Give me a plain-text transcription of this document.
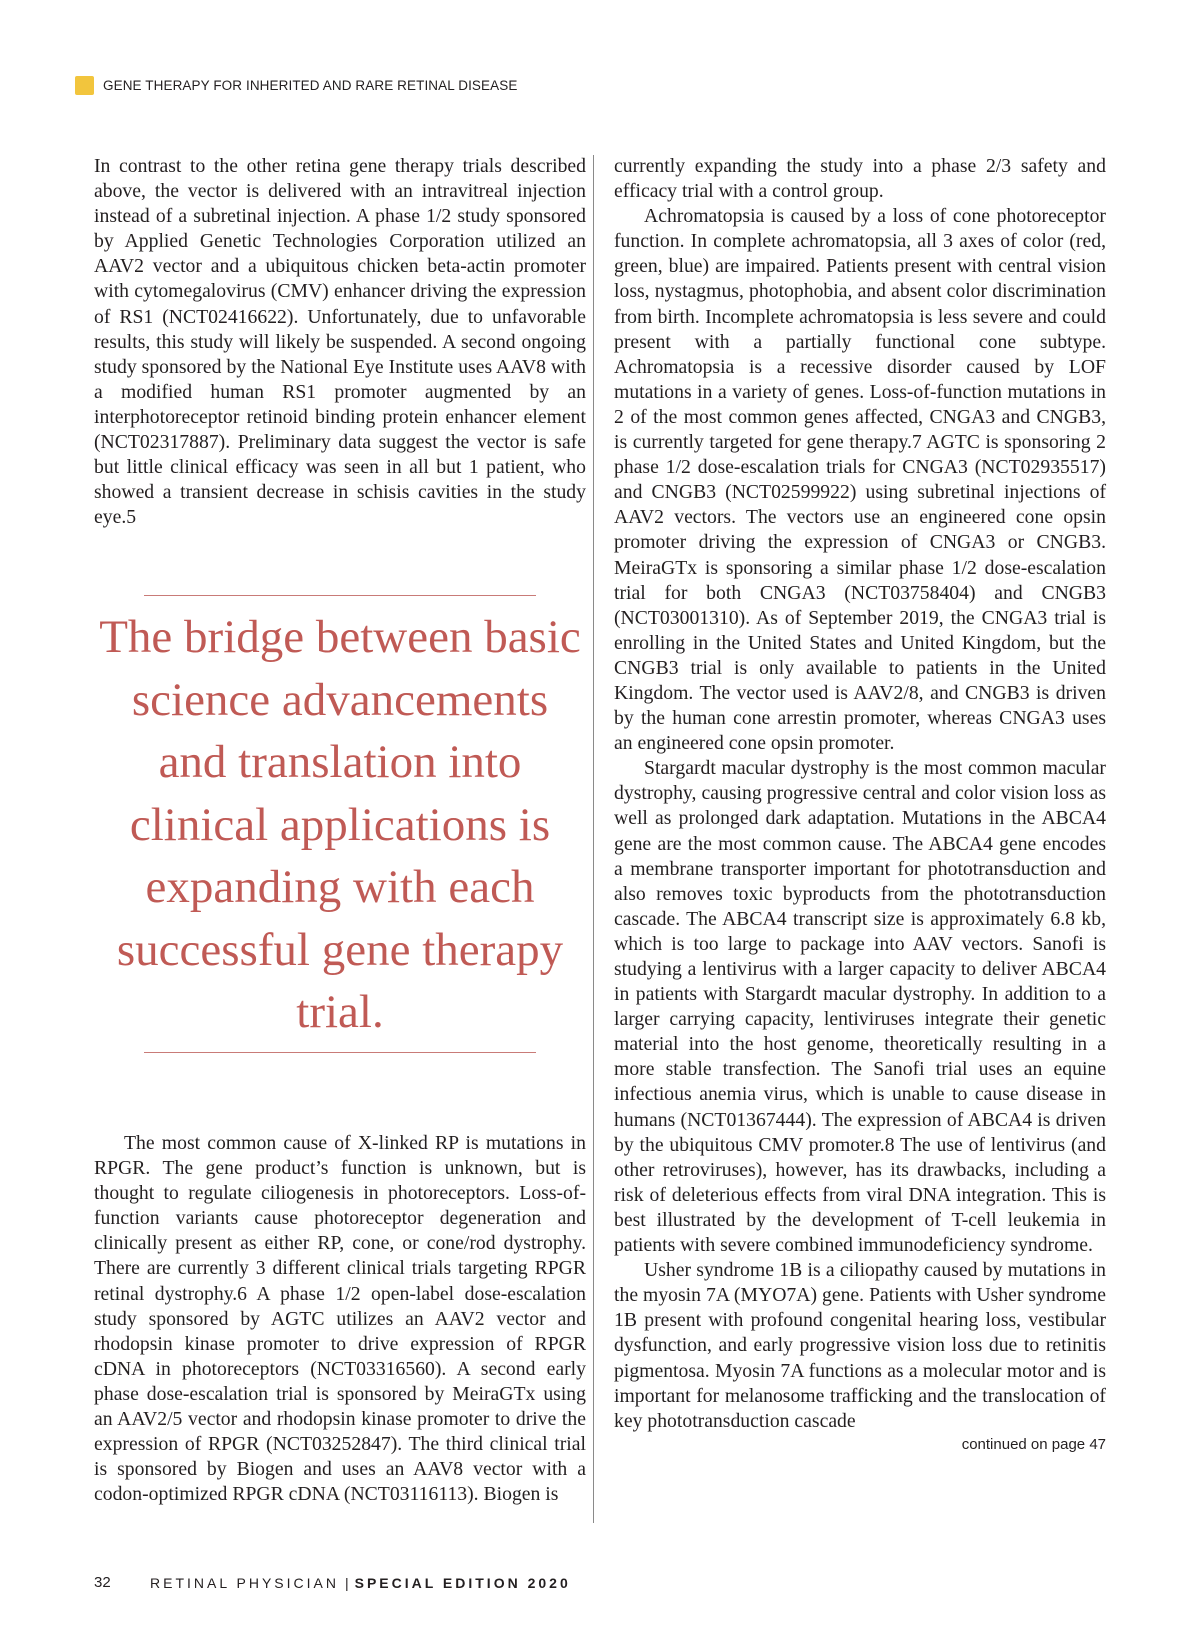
GENE THERAPY FOR INHERITED AND RARE RETINAL DISEASE

In contrast to the other retina gene therapy trials described above, the vector is delivered with an intravitreal injection instead of a subretinal injection. A phase 1/2 study sponsored by Applied Genetic Technologies Corporation utilized an AAV2 vector and a ubiquitous chicken beta-actin promoter with cytomegalovirus (CMV) enhancer driving the expression of RS1 (NCT02416622). Unfortunately, due to unfavorable results, this study will likely be suspended. A second ongoing study sponsored by the National Eye Institute uses AAV8 with a modified human RS1 promoter augmented by an interphotoreceptor retinoid binding protein enhancer element (NCT02317887). Preliminary data suggest the vector is safe but little clinical efficacy was seen in all but 1 patient, who showed a transient decrease in schisis cavities in the study eye.5

The bridge between basic science advancements and translation into clinical applications is expanding with each successful gene therapy trial.

The most common cause of X-linked RP is mutations in RPGR. The gene product’s function is unknown, but is thought to regulate ciliogenesis in photoreceptors. Loss-of-function variants cause photoreceptor degeneration and clinically present as either RP, cone, or cone/rod dystrophy. There are currently 3 different clinical trials targeting RPGR retinal dystrophy.6 A phase 1/2 open-label dose-escalation study sponsored by AGTC utilizes an AAV2 vector and rhodopsin kinase promoter to drive expression of RPGR cDNA in photoreceptors (NCT03316560). A second early phase dose-escalation trial is sponsored by MeiraGTx using an AAV2/5 vector and rhodopsin kinase promoter to drive the expression of RPGR (NCT03252847). The third clinical trial is sponsored by Biogen and uses an AAV8 vector with a codon-optimized RPGR cDNA (NCT03116113). Biogen is

currently expanding the study into a phase 2/3 safety and efficacy trial with a control group.

Achromatopsia is caused by a loss of cone photoreceptor function. In complete achromatopsia, all 3 axes of color (red, green, blue) are impaired. Patients present with central vision loss, nystagmus, photophobia, and absent color discrimination from birth. Incomplete achromatopsia is less severe and could present with a partially functional cone subtype. Achromatopsia is a recessive disorder caused by LOF mutations in a variety of genes. Loss-of-function mutations in 2 of the most common genes affected, CNGA3 and CNGB3, is currently targeted for gene therapy.7 AGTC is sponsoring 2 phase 1/2 dose-escalation trials for CNGA3 (NCT02935517) and CNGB3 (NCT02599922) using subretinal injections of AAV2 vectors. The vectors use an engineered cone opsin promoter driving the expression of CNGA3 or CNGB3. MeiraGTx is sponsoring a similar phase 1/2 dose-escalation trial for both CNGA3 (NCT03758404) and CNGB3 (NCT03001310). As of September 2019, the CNGA3 trial is enrolling in the United States and United Kingdom, but the CNGB3 trial is only available to patients in the United Kingdom. The vector used is AAV2/8, and CNGB3 is driven by the human cone arrestin promoter, whereas CNGA3 uses an engineered cone opsin promoter.

Stargardt macular dystrophy is the most common macular dystrophy, causing progressive central and color vision loss as well as prolonged dark adaptation. Mutations in the ABCA4 gene are the most common cause. The ABCA4 gene encodes a membrane transporter important for phototransduction and also removes toxic byproducts from the phototransduction cascade. The ABCA4 transcript size is approximately 6.8 kb, which is too large to package into AAV vectors. Sanofi is studying a lentivirus with a larger capacity to deliver ABCA4 in patients with Stargardt macular dystrophy. In addition to a larger carrying capacity, lentiviruses integrate their genetic material into the host genome, theoretically resulting in a more stable transfection. The Sanofi trial uses an equine infectious anemia virus, which is unable to cause disease in humans (NCT01367444). The expression of ABCA4 is driven by the ubiquitous CMV promoter.8 The use of lentivirus (and other retroviruses), however, has its drawbacks, including a risk of deleterious effects from viral DNA integration. This is best illustrated by the development of T-cell leukemia in patients with severe combined immunodeficiency syndrome.

Usher syndrome 1B is a ciliopathy caused by mutations in the myosin 7A (MYO7A) gene. Patients with Usher syndrome 1B present with profound congenital hearing loss, vestibular dysfunction, and early progressive vision loss due to retinitis pigmentosa. Myosin 7A functions as a molecular motor and is important for melanosome trafficking and the translocation of key phototransduction cascade

continued on page 47
32	RETINAL PHYSICIAN | SPECIAL EDITION 2020
